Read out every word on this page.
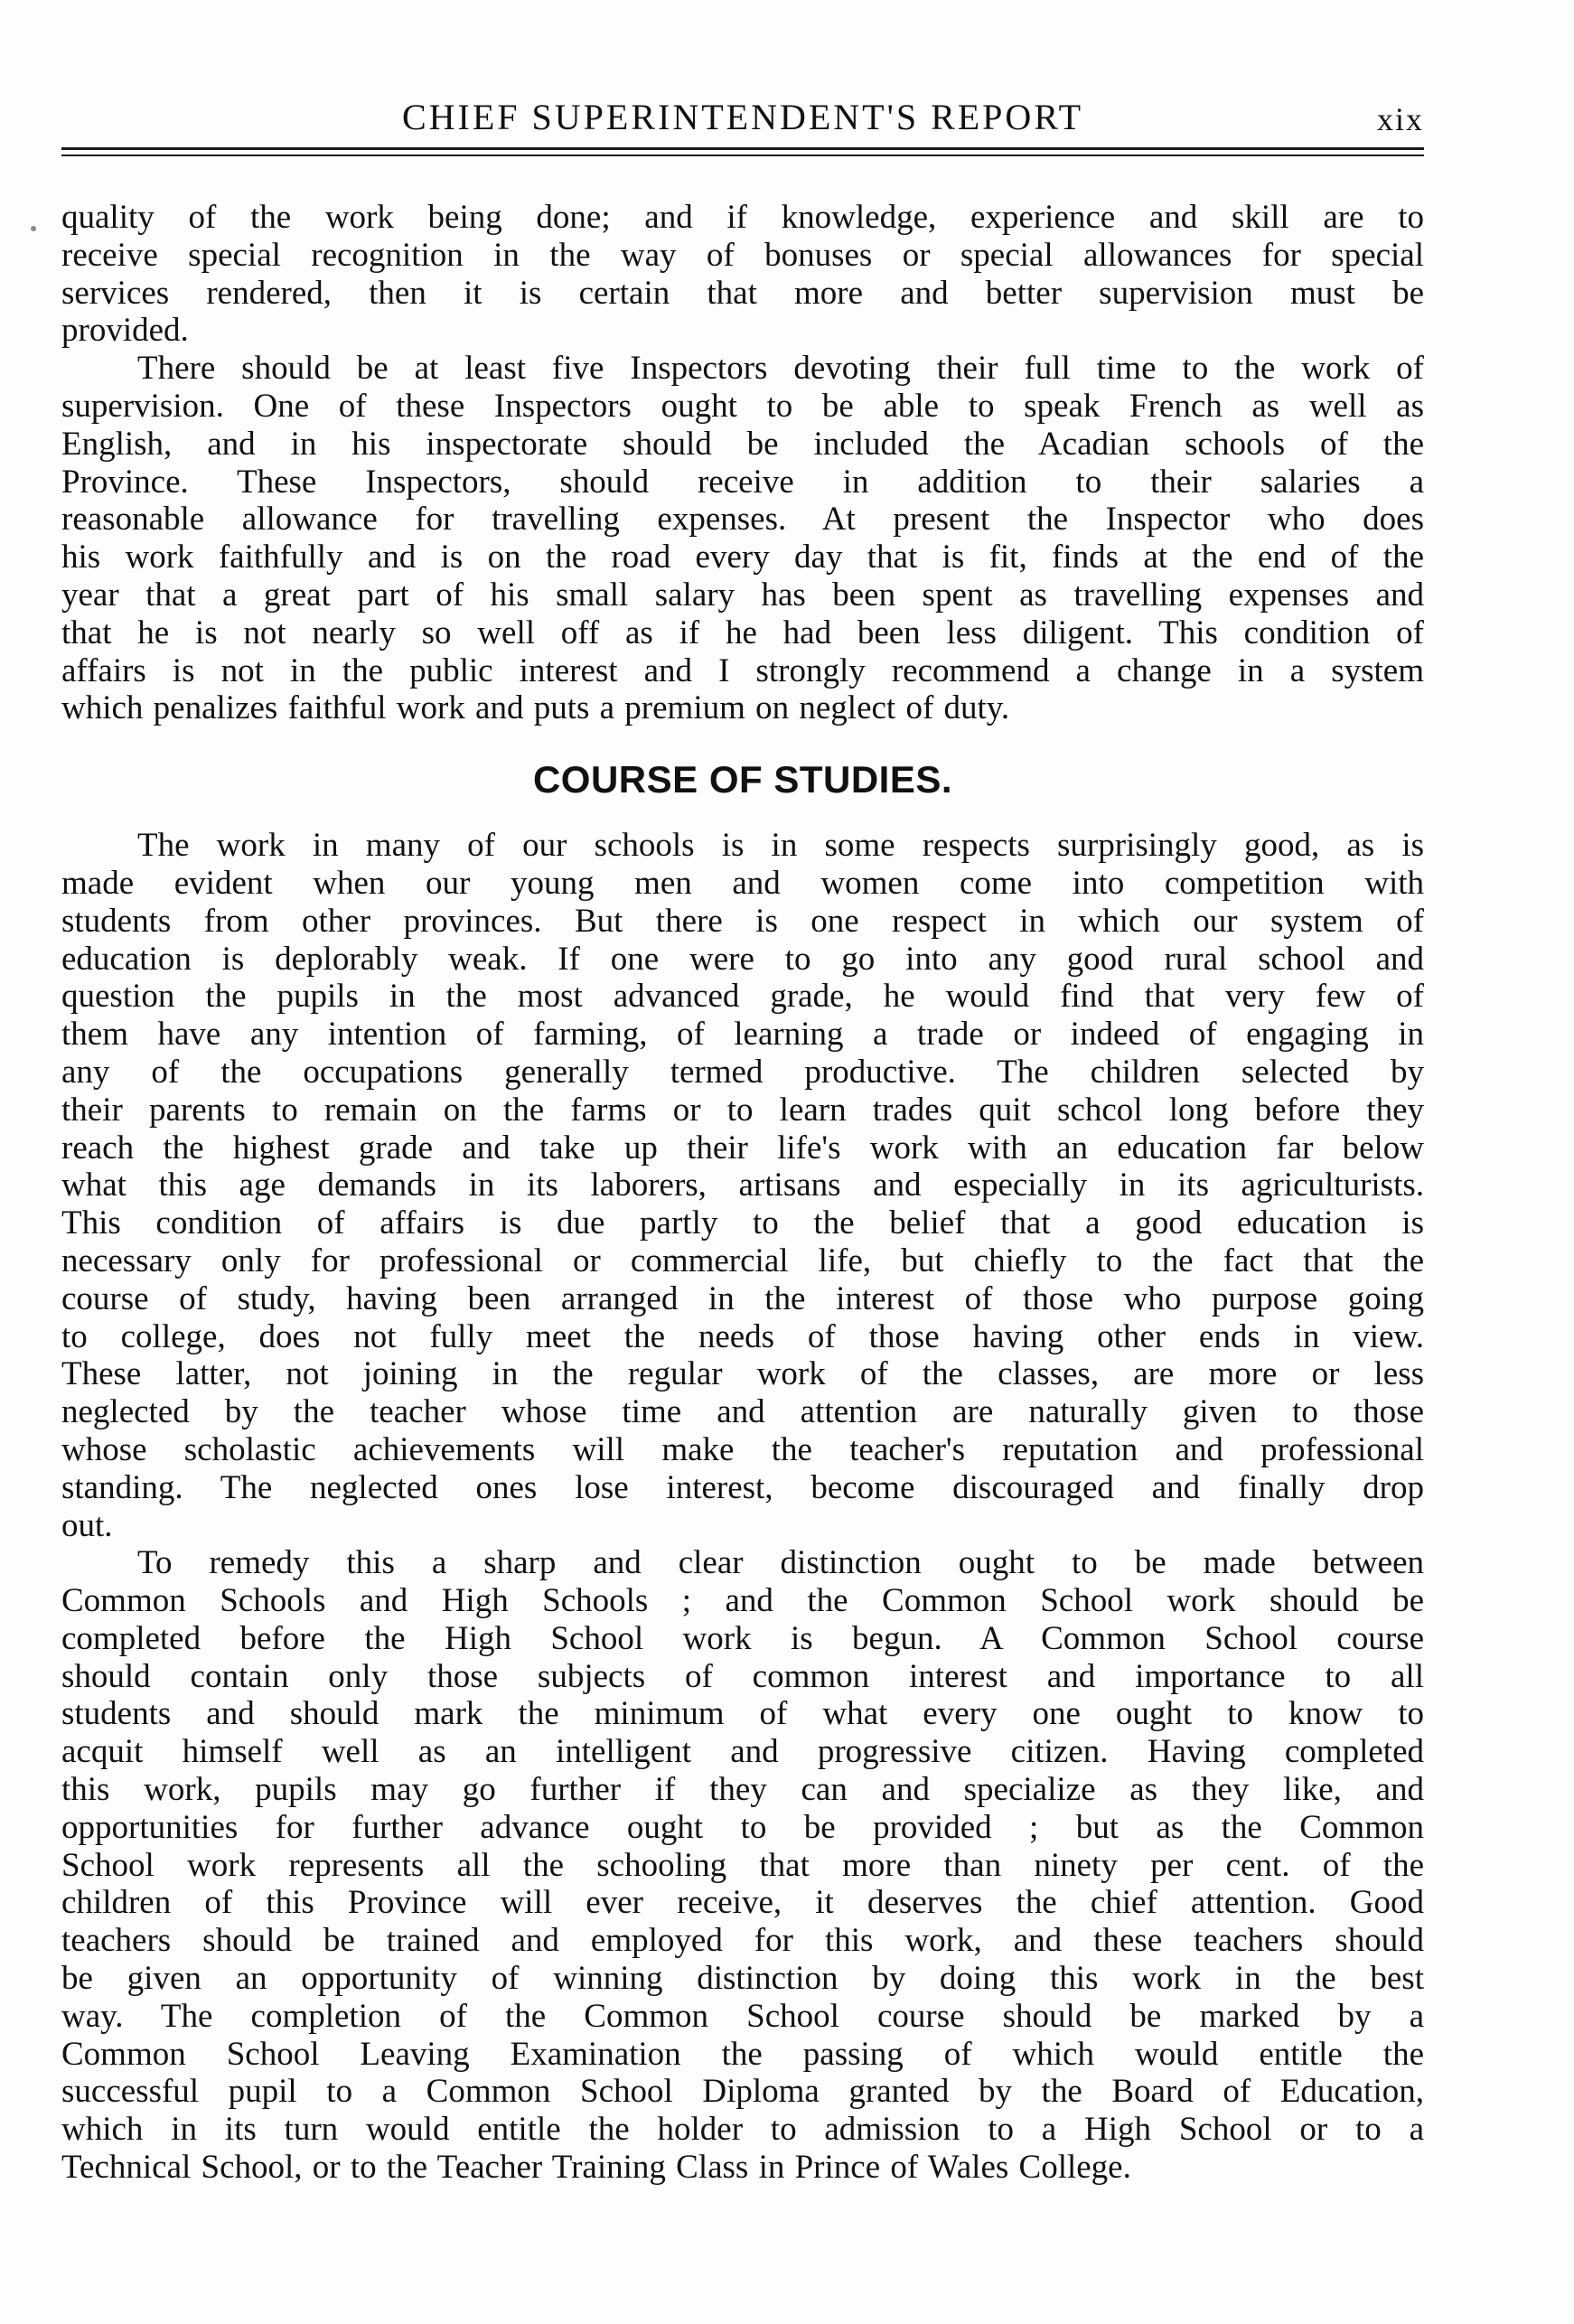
CHIEF SUPERINTENDENT'S REPORT	xix

quality of the work being done; and if knowledge, experience and skill are to
receive special recognition in the way of bonuses or special allowances for special
services rendered, then it is certain that more and better supervision must be
provided.

There should be at least five Inspectors devoting their full time to the work of
supervision. One of these Inspectors ought to be able to speak French as well as
English, and in his inspectorate should be included the Acadian schools of the
Province. These Inspectors, should receive in addition to their salaries a
reasonable allowance for travelling expenses. At present the Inspector who does
his work faithfully and is on the road every day that is fit, finds at the end of the
year that a great part of his small salary has been spent as travelling expenses and
that he is not nearly so well off as if he had been less diligent. This condition of
affairs is not in the public interest and I strongly recommend a change in a system
which penalizes faithful work and puts a premium on neglect of duty.

COURSE OF STUDIES.

The work in many of our schools is in some respects surprisingly good, as is
made evident when our young men and women come into competition with
students from other provinces. But there is one respect in which our system of
education is deplorably weak. If one were to go into any good rural school and
question the pupils in the most advanced grade, he would find that very few of
them have any intention of farming, of learning a trade or indeed of engaging in
any of the occupations generally termed productive. The children selected by
their parents to remain on the farms or to learn trades quit schcol long before they
reach the highest grade and take up their life's work with an education far below
what this age demands in its laborers, artisans and especially in its agriculturists.
This condition of affairs is due partly to the belief that a good education is
necessary only for professional or commercial life, but chiefly to the fact that the
course of study, having been arranged in the interest of those who purpose going
to college, does not fully meet the needs of those having other ends in view.
These latter, not joining in the regular work of the classes, are more or less
neglected by the teacher whose time and attention are naturally given to those
whose scholastic achievements will make the teacher's reputation and professional
standing. The neglected ones lose interest, become discouraged and finally drop
out.

To remedy this a sharp and clear distinction ought to be made between
Common Schools and High Schools ; and the Common School work should be
completed before the High School work is begun. A Common School course
should contain only those subjects of common interest and importance to all
students and should mark the minimum of what every one ought to know to
acquit himself well as an intelligent and progressive citizen. Having completed
this work, pupils may go further if they can and specialize as they like, and
opportunities for further advance ought to be provided ; but as the Common
School work represents all the schooling that more than ninety per cent. of the
children of this Province will ever receive, it deserves the chief attention. Good
teachers should be trained and employed for this work, and these teachers should
be given an opportunity of winning distinction by doing this work in the best
way. The completion of the Common School course should be marked by a
Common School Leaving Examination the passing of which would entitle the
successful pupil to a Common School Diploma granted by the Board of Education,
which in its turn would entitle the holder to admission to a High School or to a
Technical School, or to the Teacher Training Class in Prince of Wales College.
